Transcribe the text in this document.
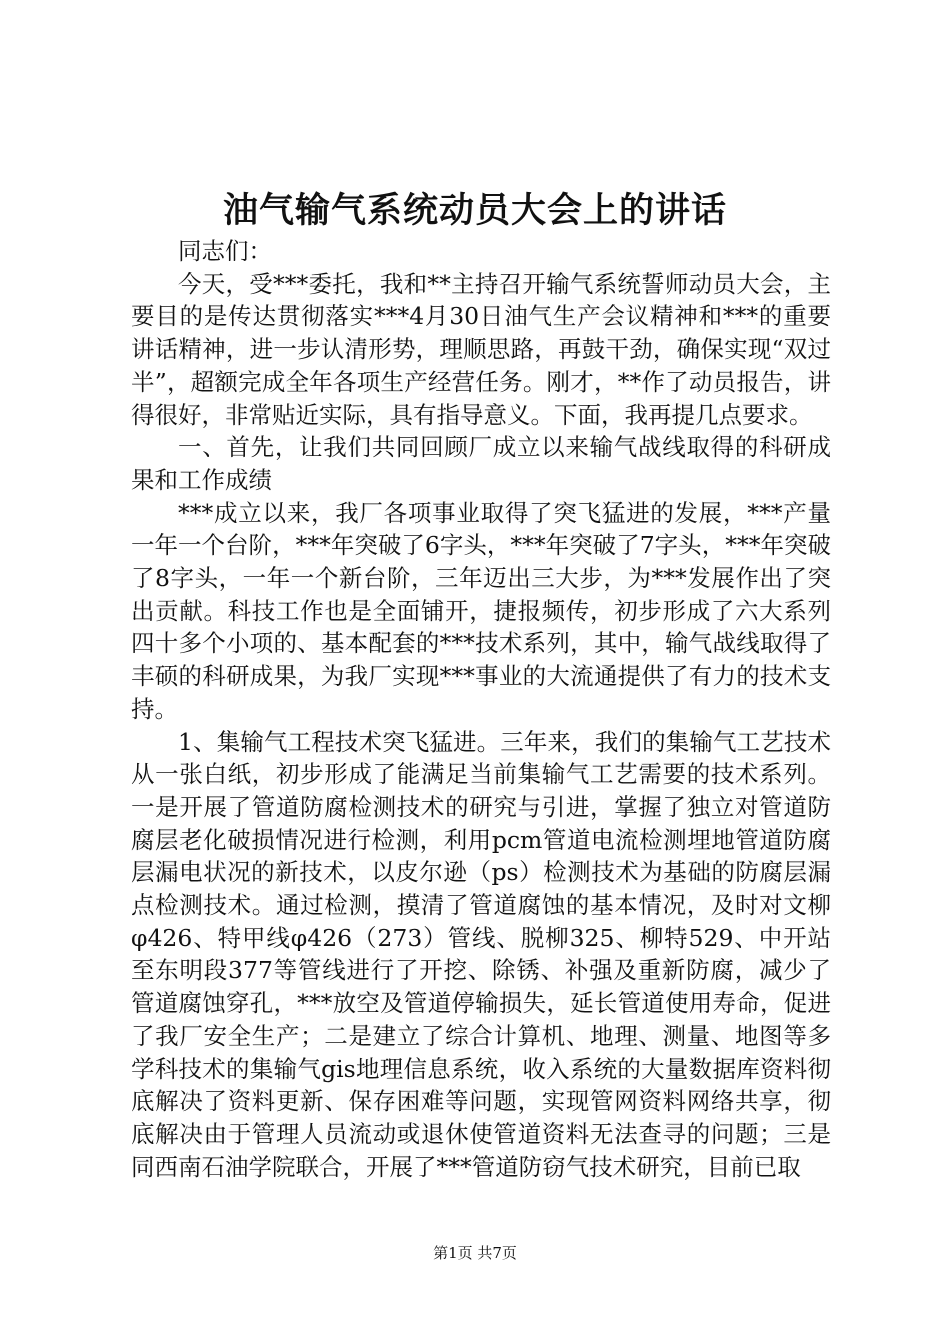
油气输气系统动员大会上的讲话

同志们：

今天，受***委托，我和**主持召开输气系统誓师动员大会，主要目的是传达贯彻落实***4月30日油气生产会议精神和***的重要讲话精神，进一步认清形势，理顺思路，再鼓干劲，确保实现“双过半”，超额完成全年各项生产经营任务。刚才，**作了动员报告，讲得很好，非常贴近实际，具有指导意义。下面，我再提几点要求。

一、首先，让我们共同回顾厂成立以来输气战线取得的科研成果和工作成绩

***成立以来，我厂各项事业取得了突飞猛进的发展，***产量一年一个台阶，***年突破了6字头，***年突破了7字头，***年突破了8字头，一年一个新台阶，三年迈出三大步，为***发展作出了突出贡献。科技工作也是全面铺开，捷报频传，初步形成了六大系列四十多个小项的、基本配套的***技术系列，其中，输气战线取得了丰硕的科研成果，为我厂实现***事业的大流通提供了有力的技术支持。

1、集输气工程技术突飞猛进。三年来，我们的集输气工艺技术从一张白纸，初步形成了能满足当前集输气工艺需要的技术系列。一是开展了管道防腐检测技术的研究与引进，掌握了独立对管道防腐层老化破损情况进行检测，利用pcm管道电流检测埋地管道防腐层漏电状况的新技术，以皮尔逊（ps）检测技术为基础的防腐层漏点检测技术。通过检测，摸清了管道腐蚀的基本情况，及时对文柳φ426、特甲线φ426（273）管线、脱柳325、柳特529、中开站至东明段377等管线进行了开挖、除锈、补强及重新防腐，减少了管道腐蚀穿孔，***放空及管道停输损失，延长管道使用寿命，促进了我厂安全生产；二是建立了综合计算机、地理、测量、地图等多学科技术的集输气gis地理信息系统，收入系统的大量数据库资料彻底解决了资料更新、保存困难等问题，实现管网资料网络共享，彻底解决由于管理人员流动或退休使管道资料无法查寻的问题；三是同西南石油学院联合，开展了***管道防窃气技术研究，目前已取

第1页 共7页
